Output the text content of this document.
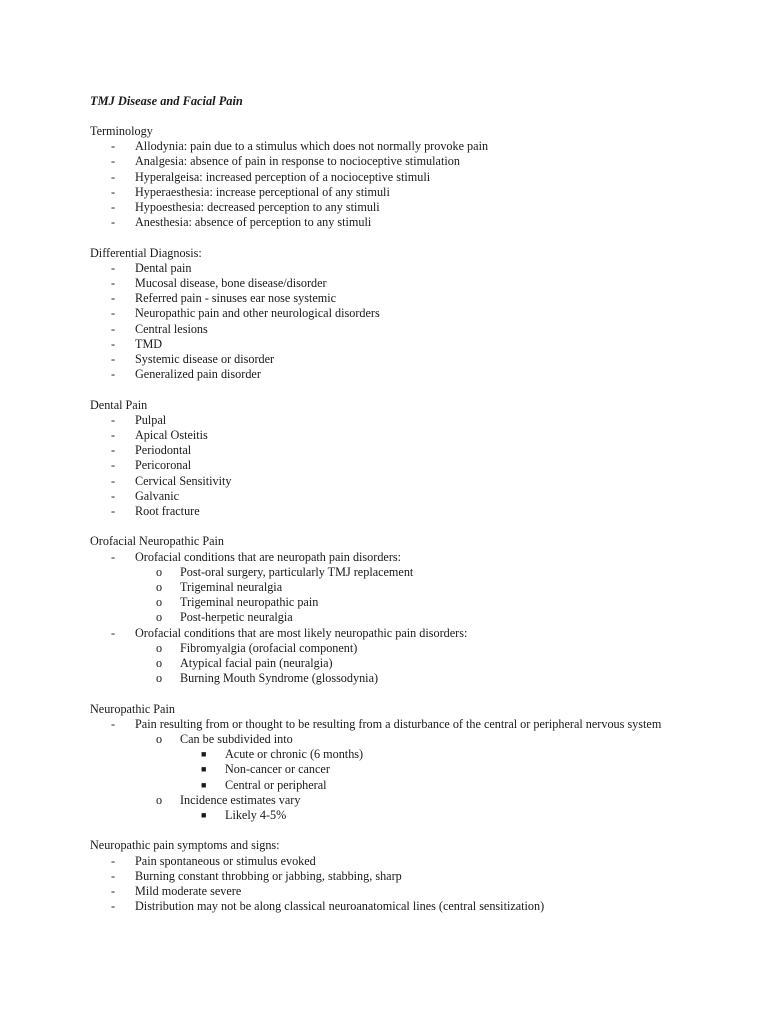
TMJ Disease and Facial Pain
Terminology
- Allodynia: pain due to a stimulus which does not normally provoke pain
- Analgesia: absence of pain in response to nocioceptive stimulation
- Hyperalgeisa: increased perception of a nocioceptive stimuli
- Hyperaesthesia: increase perceptional of any stimuli
- Hypoesthesia: decreased perception to any stimuli
- Anesthesia: absence of perception to any stimuli
Differential Diagnosis:
- Dental pain
- Mucosal disease, bone disease/disorder
- Referred pain - sinuses ear nose systemic
- Neuropathic pain and other neurological disorders
- Central lesions
- TMD
- Systemic disease or disorder
- Generalized pain disorder
Dental Pain
- Pulpal
- Apical Osteitis
- Periodontal
- Pericoronal
- Cervical Sensitivity
- Galvanic
- Root fracture
Orofacial Neuropathic Pain
- Orofacial conditions that are neuropath pain disorders:
o Post-oral surgery, particularly TMJ replacement
o Trigeminal neuralgia
o Trigeminal neuropathic pain
o Post-herpetic neuralgia
- Orofacial conditions that are most likely neuropathic pain disorders:
o Fibromyalgia (orofacial component)
o Atypical facial pain (neuralgia)
o Burning Mouth Syndrome (glossodynia)
Neuropathic Pain
- Pain resulting from or thought to be resulting from a disturbance of the central or peripheral nervous system
o Can be subdivided into
■ Acute or chronic (6 months)
■ Non-cancer or cancer
■ Central or peripheral
o Incidence estimates vary
■ Likely 4-5%
Neuropathic pain symptoms and signs:
- Pain spontaneous or stimulus evoked
- Burning constant throbbing or jabbing, stabbing, sharp
- Mild moderate severe
- Distribution may not be along classical neuroanatomical lines (central sensitization)
